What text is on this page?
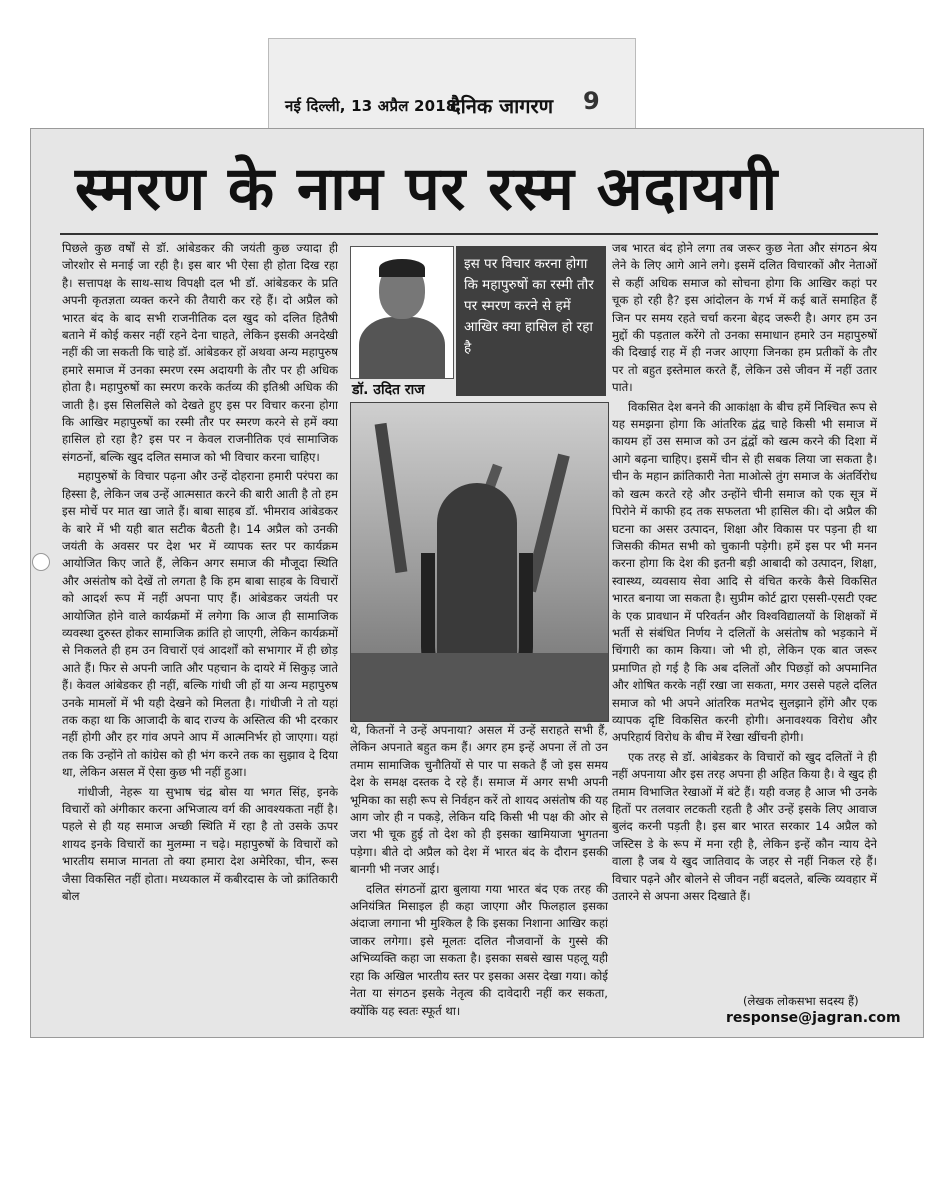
नई दिल्ली, 13 अप्रैल 2018
दैनिक जागरण 9
स्मरण के नाम पर रस्म अदायगी

पिछले कुछ वर्षों से डॉ. आंबेडकर की जयंती कुछ ज्यादा ही जोरशोर से मनाई जा रही है। इस बार भी ऐसा ही होता दिख रहा है। सत्तापक्ष के साथ-साथ विपक्षी दल भी डॉ. आंबेडकर के प्रति अपनी कृतज्ञता व्यक्त करने की तैयारी कर रहे हैं। दो अप्रैल को भारत बंद के बाद सभी राजनीतिक दल खुद को दलित हितैषी बताने में कोई कसर नहीं रहने देना चाहते, लेकिन इसकी अनदेखी नहीं की जा सकती कि चाहे डॉ. आंबेडकर हों अथवा अन्य महापुरुष हमारे समाज में उनका स्मरण रस्म अदायगी के तौर पर ही अधिक होता है। महापुरुषों का स्मरण करके कर्तव्य की इतिश्री अधिक की जाती है। इस सिलसिले को देखते हुए इस पर विचार करना होगा कि आखिर महापुरुषों का रस्मी तौर पर स्मरण करने से हमें क्या हासिल हो रहा है? इस पर न केवल राजनीतिक एवं सामाजिक संगठनों, बल्कि खुद दलित समाज को भी विचार करना चाहिए।

महापुरुषों के विचार पढ़ना और उन्हें दोहराना हमारी परंपरा का हिस्सा है, लेकिन जब उन्हें आत्मसात करने की बारी आती है तो हम इस मोर्चे पर मात खा जाते हैं। बाबा साहब डॉ. भीमराव आंबेडकर के बारे में भी यही बात सटीक बैठती है। 14 अप्रैल को उनकी जयंती के अवसर पर देश भर में व्यापक स्तर पर कार्यक्रम आयोजित किए जाते हैं, लेकिन अगर समाज की मौजूदा स्थिति और असंतोष को देखें तो लगता है कि हम बाबा साहब के विचारों को आदर्श रूप में नहीं अपना पाए हैं। आंबेडकर जयंती पर आयोजित होने वाले कार्यक्रमों में लगेगा कि आज ही सामाजिक व्यवस्था दुरुस्त होकर सामाजिक क्रांति हो जाएगी, लेकिन कार्यक्रमों से निकलते ही हम उन विचारों एवं आदर्शों को सभागार में ही छोड़ आते हैं। फिर से अपनी जाति और पहचान के दायरे में सिकुड़ जाते हैं। केवल आंबेडकर ही नहीं, बल्कि गांधी जी हों या अन्य महापुरुष उनके मामलों में भी यही देखने को मिलता है। गांधीजी ने तो यहां तक कहा था कि आजादी के बाद राज्य के अस्तित्व की भी दरकार नहीं होगी और हर गांव अपने आप में आत्मनिर्भर हो जाएगा। यहां तक कि उन्होंने तो कांग्रेस को ही भंग करने तक का सुझाव दे दिया था, लेकिन असल में ऐसा कुछ भी नहीं हुआ।

गांधीजी, नेहरू या सुभाष चंद्र बोस या भगत सिंह, इनके विचारों को अंगीकार करना अभिजात्य वर्ग की आवश्यकता नहीं है। पहले से ही यह समाज अच्छी स्थिति में रहा है तो उसके ऊपर शायद इनके विचारों का मुलम्मा न चढ़े। महापुरुषों के विचारों को भारतीय समाज मानता तो क्या हमारा देश अमेरिका, चीन, रूस जैसा विकसित नहीं होता। मध्यकाल में कबीरदास के जो क्रांतिकारी बोल

डॉ. उदित राज
इस पर विचार करना होगा कि महापुरुषों का रस्मी तौर पर स्मरण करने से हमें आखिर क्या हासिल हो रहा है

थे, कितनों ने उन्हें अपनाया? असल में उन्हें सराहते सभी हैं, लेकिन अपनाते बहुत कम हैं। अगर हम इन्हें अपना लें तो उन तमाम सामाजिक चुनौतियों से पार पा सकते हैं जो इस समय देश के समक्ष दस्तक दे रहे हैं। समाज में अगर सभी अपनी भूमिका का सही रूप से निर्वहन करें तो शायद असंतोष की यह आग जोर ही न पकड़े, लेकिन यदि किसी भी पक्ष की ओर से जरा भी चूक हुई तो देश को ही इसका खामियाजा भुगतना पड़ेगा। बीते दो अप्रैल को देश में भारत बंद के दौरान इसकी बानगी भी नजर आई।

दलित संगठनों द्वारा बुलाया गया भारत बंद एक तरह की अनियंत्रित मिसाइल ही कहा जाएगा और फिलहाल इसका अंदाजा लगाना भी मुश्किल है कि इसका निशाना आखिर कहां जाकर लगेगा। इसे मूलतः दलित नौजवानों के गुस्से की अभिव्यक्ति कहा जा सकता है। इसका सबसे खास पहलू यही रहा कि अखिल भारतीय स्तर पर इसका असर देखा गया। कोई नेता या संगठन इसके नेतृत्व की दावेदारी नहीं कर सकता, क्योंकि यह स्वतः स्फूर्त था।

जब भारत बंद होने लगा तब जरूर कुछ नेता और संगठन श्रेय लेने के लिए आगे आने लगे। इसमें दलित विचारकों और नेताओं से कहीं अधिक समाज को सोचना होगा कि आखिर कहां पर चूक हो रही है? इस आंदोलन के गर्भ में कई बातें समाहित हैं जिन पर समय रहते चर्चा करना बेहद जरूरी है। अगर हम उन मुद्दों की पड़ताल करेंगे तो उनका समाधान हमारे उन महापुरुषों की दिखाई राह में ही नजर आएगा जिनका हम प्रतीकों के तौर पर तो बहुत इस्तेमाल करते हैं, लेकिन उसे जीवन में नहीं उतार पाते।

विकसित देश बनने की आकांक्षा के बीच हमें निश्चित रूप से यह समझना होगा कि आंतरिक द्वंद्व चाहे किसी भी समाज में कायम हों उस समाज को उन द्वंद्वों को खत्म करने की दिशा में आगे बढ़ना चाहिए। इसमें चीन से ही सबक लिया जा सकता है। चीन के महान क्रांतिकारी नेता माओत्से तुंग समाज के अंतर्विरोध को खत्म करते रहे और उन्होंने चीनी समाज को एक सूत्र में पिरोने में काफी हद तक सफलता भी हासिल की। दो अप्रैल की घटना का असर उत्पादन, शिक्षा और विकास पर पड़ना ही था जिसकी कीमत सभी को चुकानी पड़ेगी। हमें इस पर भी मनन करना होगा कि देश की इतनी बड़ी आबादी को उत्पादन, शिक्षा, स्वास्थ्य, व्यवसाय सेवा आदि से वंचित करके कैसे विकसित भारत बनाया जा सकता है। सुप्रीम कोर्ट द्वारा एससी-एसटी एक्ट के एक प्रावधान में परिवर्तन और विश्वविद्यालयों के शिक्षकों में भर्ती से संबंधित निर्णय ने दलितों के असंतोष को भड़काने में चिंगारी का काम किया। जो भी हो, लेकिन एक बात जरूर प्रमाणित हो गई है कि अब दलितों और पिछड़ों को अपमानित और शोषित करके नहीं रखा जा सकता, मगर उससे पहले दलित समाज को भी अपने आंतरिक मतभेद सुलझाने होंगे और एक व्यापक दृष्टि विकसित करनी होगी। अनावश्यक विरोध और अपरिहार्य विरोध के बीच में रेखा खींचनी होगी।

एक तरह से डॉ. आंबेडकर के विचारों को खुद दलितों ने ही नहीं अपनाया और इस तरह अपना ही अहित किया है। वे खुद ही तमाम विभाजित रेखाओं में बंटे हैं। यही वजह है आज भी उनके हितों पर तलवार लटकती रहती है और उन्हें इसके लिए आवाज बुलंद करनी पड़ती है। इस बार भारत सरकार 14 अप्रैल को जस्टिस डे के रूप में मना रही है, लेकिन इन्हें कौन न्याय देने वाला है जब ये खुद जातिवाद के जहर से नहीं निकल रहे हैं। विचार पढ़ने और बोलने से जीवन नहीं बदलते, बल्कि व्यवहार में उतारने से अपना असर दिखाते हैं।

(लेखक लोकसभा सदस्य हैं)
response@jagran.com
